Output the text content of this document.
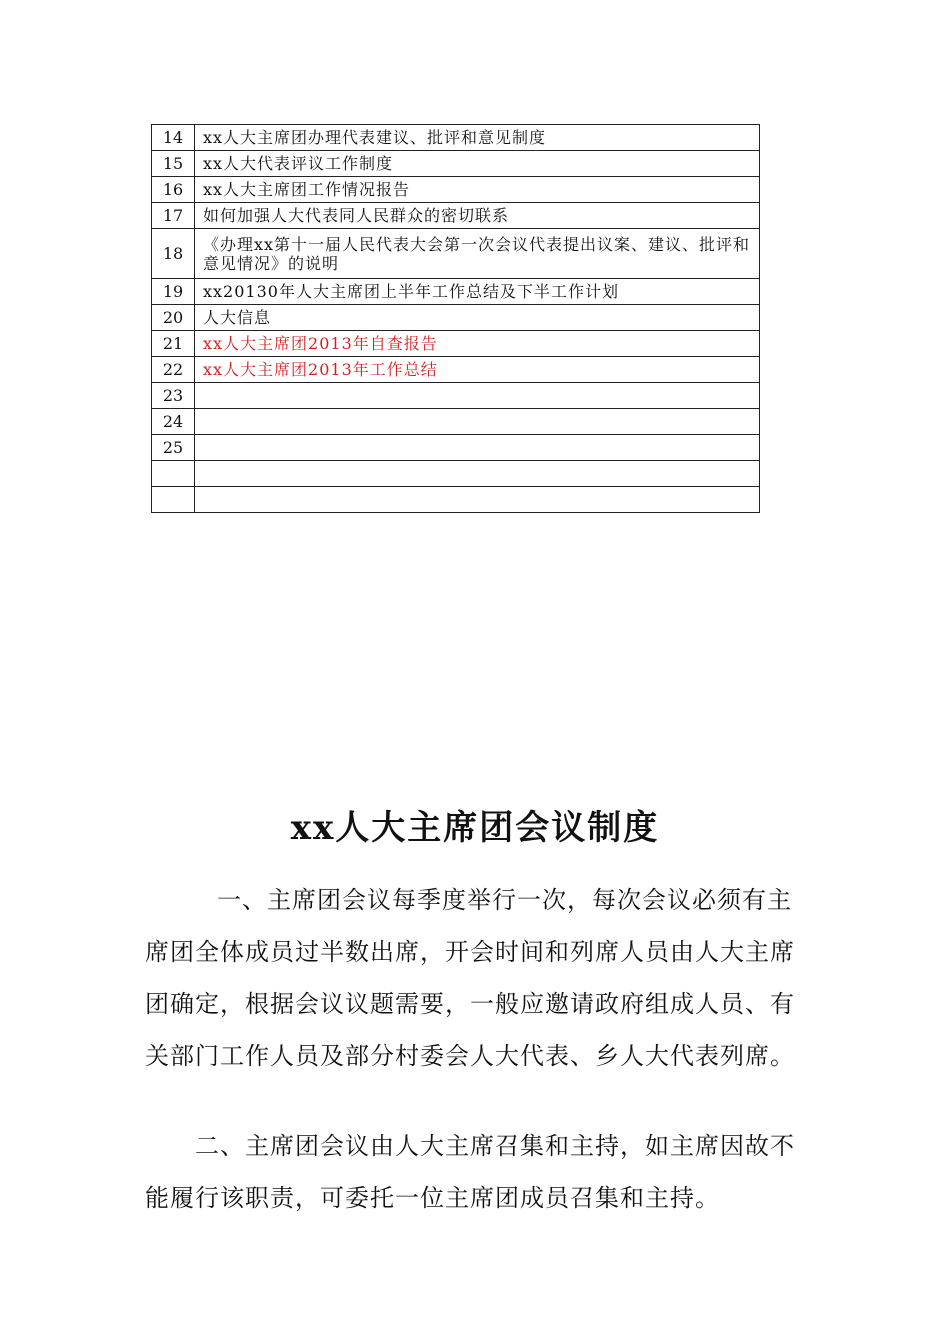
14	xx人大主席团办理代表建议、批评和意见制度
15	xx人大代表评议工作制度
16	xx人大主席团工作情况报告
17	如何加强人大代表同人民群众的密切联系
18	《办理xx第十一届人民代表大会第一次会议代表提出议案、建议、批评和意见情况》的说明
19	xx20130年人大主席团上半年工作总结及下半工作计划
20	人大信息
21	xx人大主席团2013年自查报告
22	xx人大主席团2013年工作总结
23	
24	
25	

xx人大主席团会议制度

一、主席团会议每季度举行一次，每次会议必须有主席团全体成员过半数出席，开会时间和列席人员由人大主席团确定，根据会议议题需要，一般应邀请政府组成人员、有关部门工作人员及部分村委会人大代表、乡人大代表列席。

二、主席团会议由人大主席召集和主持，如主席因故不能履行该职责，可委托一位主席团成员召集和主持。
